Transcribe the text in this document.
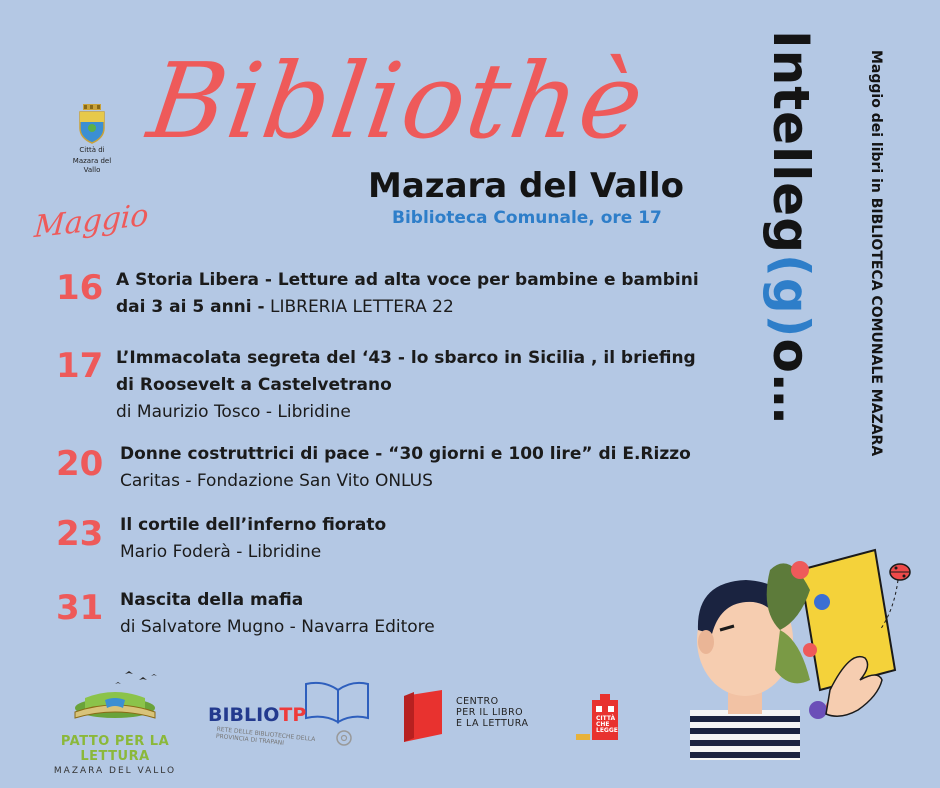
Città di
Mazara del Vallo
Bibliothè
Mazara del Vallo
Biblioteca Comunale, ore 17
Maggio
16 A Storia Libera - Letture ad alta voce per bambine e bambini
dai 3 ai 5 anni - LIBRERIA LETTERA 22
17 L’Immacolata segreta del ‘43 - lo sbarco in Sicilia , il briefing
di Roosevelt a Castelvetrano
di Maurizio Tosco - Libridine
20 Donne costruttrici di pace - “30 giorni e 100 lire” di E.Rizzo
Caritas - Fondazione San Vito ONLUS
23 Il cortile dell’inferno fiorato
Mario Foderà - Libridine
31 Nascita della mafia
di Salvatore Mugno - Navarra Editore
Intelleg(g)o…	Maggio dei libri in BIBLIOTECA COMUNALE MAZARA
PATTO PER LA LETTURA
MAZARA DEL VALLO
BIBLIOTP
RETE DELLE BIBLIOTECHE DELLA PROVINCIA DI TRAPANI
CENTRO
PER IL LIBRO
E LA LETTURA	CITTÀ CHE LEGGE
